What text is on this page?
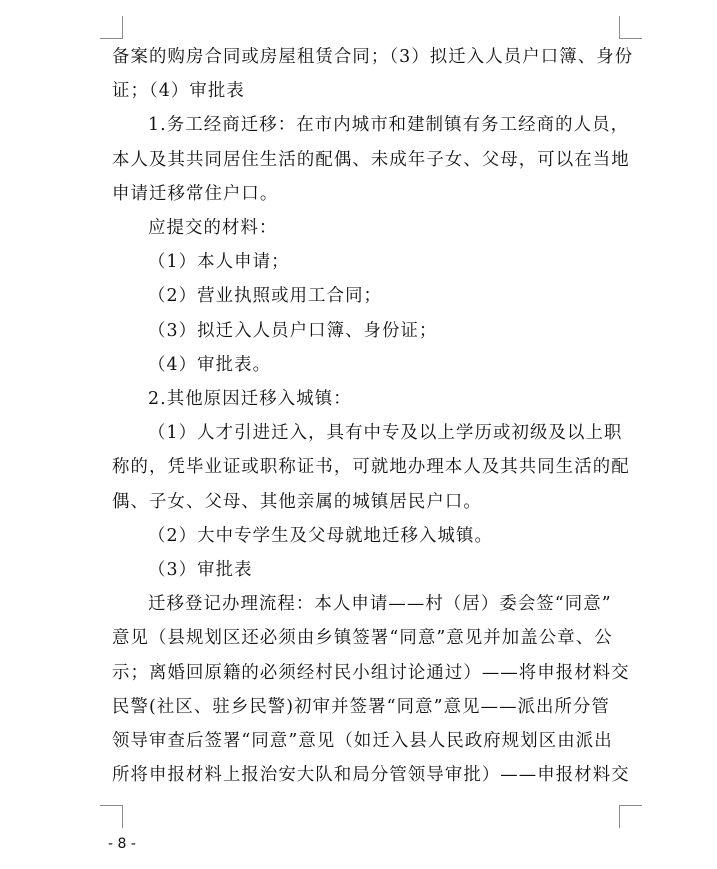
备案的购房合同或房屋租赁合同；（3）拟迁入人员户口簿、身份

证；（4）审批表

1.务工经商迁移：在市内城市和建制镇有务工经商的人员，

本人及其共同居住生活的配偶、未成年子女、父母，可以在当地

申请迁移常住户口。

应提交的材料：

（1）本人申请；

（2）营业执照或用工合同；

（3）拟迁入人员户口簿、身份证；

（4）审批表。

2.其他原因迁移入城镇：

（1）人才引进迁入，具有中专及以上学历或初级及以上职

称的，凭毕业证或职称证书，可就地办理本人及其共同生活的配

偶、子女、父母、其他亲属的城镇居民户口。

（2）大中专学生及父母就地迁移入城镇。

（3）审批表

迁移登记办理流程：本人申请——村（居）委会签“同意”

意见（县规划区还必须由乡镇签署“同意”意见并加盖公章、公

示；离婚回原籍的必须经村民小组讨论通过）——将申报材料交

民警(社区、驻乡民警)初审并签署“同意”意见——派出所分管

领导审查后签署“同意”意见（如迁入县人民政府规划区由派出

所将申报材料上报治安大队和局分管领导审批）——申报材料交

- 8 -
